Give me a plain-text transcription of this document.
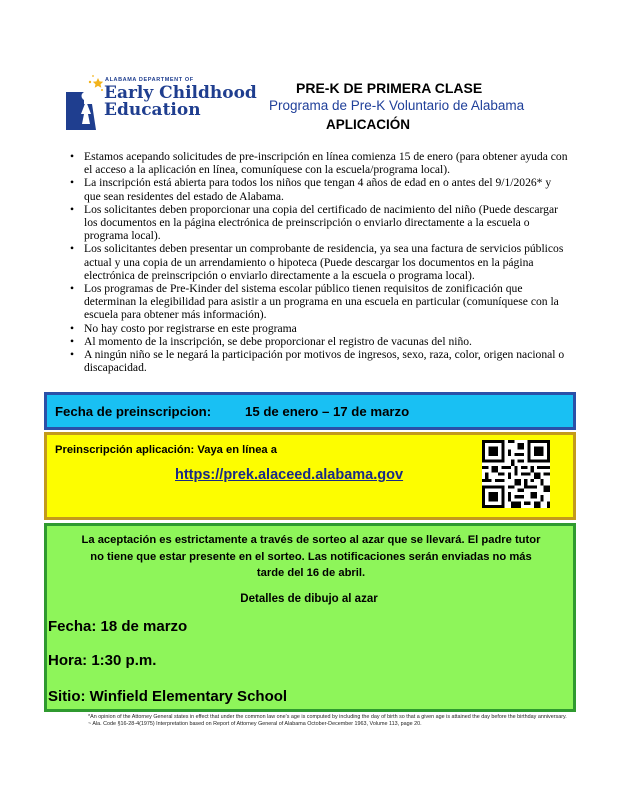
ALABAMA DEPARTMENT OF
Early Childhood
Education
PRE-K DE PRIMERA CLASE
Programa de Pre-K Voluntario de Alabama
APLICACIÓN
• Estamos acepando solicitudes de pre-inscripción en línea comienza 15 de enero (para obtener ayuda con el acceso a la aplicación en línea, comuníquese con la escuela/programa local).
• La inscripción está abierta para todos los niños que tengan 4 años de edad en o antes del 9/1/2026* y que sean residentes del estado de Alabama.
• Los solicitantes deben proporcionar una copia del certificado de nacimiento del niño (Puede descargar los documentos en la página electrónica de preinscripción o enviarlo directamente a la escuela o programa local).
• Los solicitantes deben presentar un comprobante de residencia, ya sea una factura de servicios públicos actual y una copia de un arrendamiento o hipoteca (Puede descargar los documentos en la página electrónica de preinscripción o enviarlo directamente a la escuela o programa local).
• Los programas de Pre-Kinder del sistema escolar público tienen requisitos de zonificación que determinan la elegibilidad para asistir a un programa en una escuela en particular (comuníquese con la escuela para obtener más información).
• No hay costo por registrarse en este programa
• Al momento de la inscripción, se debe proporcionar el registro de vacunas del niño.
• A ningún niño se le negará la participación por motivos de ingresos, sexo, raza, color, origen nacional o discapacidad.
Fecha de preinscripcion:	15 de enero – 17 de marzo
Preinscripción aplicación: Vaya en línea a
https://prek.alaceed.alabama.gov
La aceptación es estrictamente a través de sorteo al azar que se llevará. El padre tutor no tiene que estar presente en el sorteo. Las notificaciones serán enviadas no más tarde del 16 de abril.
Detalles de dibujo al azar
Fecha: 18 de marzo
Hora: 1:30 p.m.
Sitio: Winfield Elementary School
*An opinion of the Attorney General states in effect that under the common law one's age is computed by including the day of birth so that a given age is attained the day before the birthday anniversary. ~ Ala. Code §16-28-4(1975) Interpretation based on Report of Attorney General of Alabama October-December 1963, Volume 113, page 20.
